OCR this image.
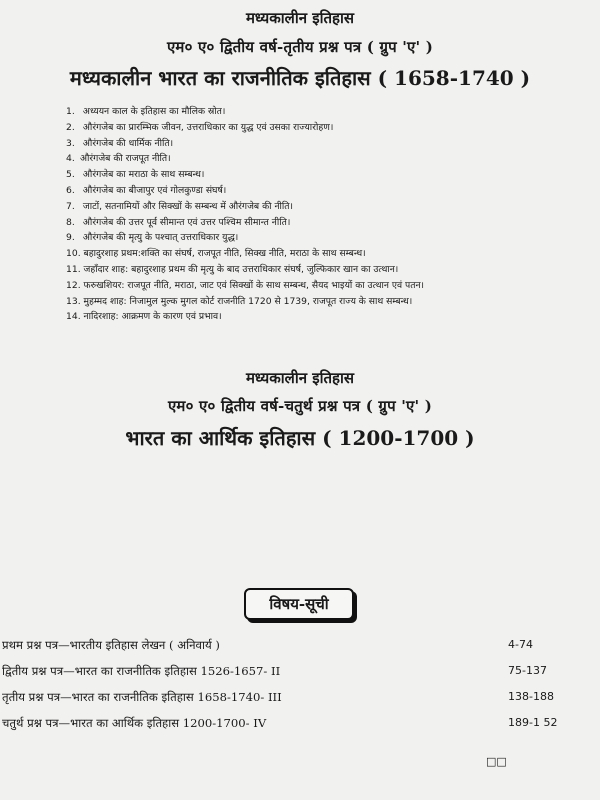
मध्यकालीन इतिहास
एम० ए० द्वितीय वर्ष-तृतीय प्रश्न पत्र ( ग्रुप 'ए' )
मध्यकालीन भारत का राजनीतिक इतिहास ( 1658-1740 )
1. अध्ययन काल के इतिहास का मौलिक स्रोत।
2. औरंगजेब का प्रारम्भिक जीवन, उत्तराधिकार का युद्ध एवं उसका राज्यारोहण।
3. औरंगजेब की धार्मिक नीति।
4. औरंगजेब की राजपूत नीति।
5. औरंगजेब का मराठा के साथ सम्बन्ध।
6. औरंगजेब का बीजापुर एवं गोलकुण्डा संघर्ष।
7. जाटों, सतनामियों और सिक्खों के सम्बन्ध में औरंगजेब की नीति।
8. औरंगजेब की उत्तर पूर्व सीमान्त एवं उत्तर पश्चिम सीमान्त नीति।
9. औरंगजेब की मृत्यु के पश्चात् उत्तराधिकार युद्ध।
10. बहादुरशाह प्रथम:शक्ति का संघर्ष, राजपूत नीति, सिक्ख नीति, मराठा के साथ सम्बन्ध।
11. जहाँदार शाह: बहादुरशाह प्रथम की मृत्यु के बाद उत्तराधिकार संघर्ष, जुल्फिकार खान का उत्थान।
12. फरुखशियर: राजपूत नीति, मराठा, जाट एवं सिक्खों के साथ सम्बन्ध, सैयद भाइयों का उत्थान एवं पतन।
13. मुहम्मद शाह: निजामुल मुल्क मुगल कोर्ट राजनीति 1720 से 1739, राजपूत राज्य के साथ सम्बन्ध।
14. नादिरशाह: आक्रमण के कारण एवं प्रभाव।
मध्यकालीन इतिहास
एम० ए० द्वितीय वर्ष-चतुर्थ प्रश्न पत्र ( ग्रुप 'ए' )
भारत का आर्थिक इतिहास ( 1200-1700 )
विषय-सूची
प्रथम प्रश्न पत्र—भारतीय इतिहास लेखन ( अनिवार्य )	4-74
द्वितीय प्रश्न पत्र—भारत का राजनीतिक इतिहास 1526-1657- II	75-137
तृतीय प्रश्न पत्र—भारत का राजनीतिक इतिहास 1658-1740- III	138-188
चतुर्थ प्रश्न पत्र—भारत का आर्थिक इतिहास 1200-1700- IV	189-1 52
□□
